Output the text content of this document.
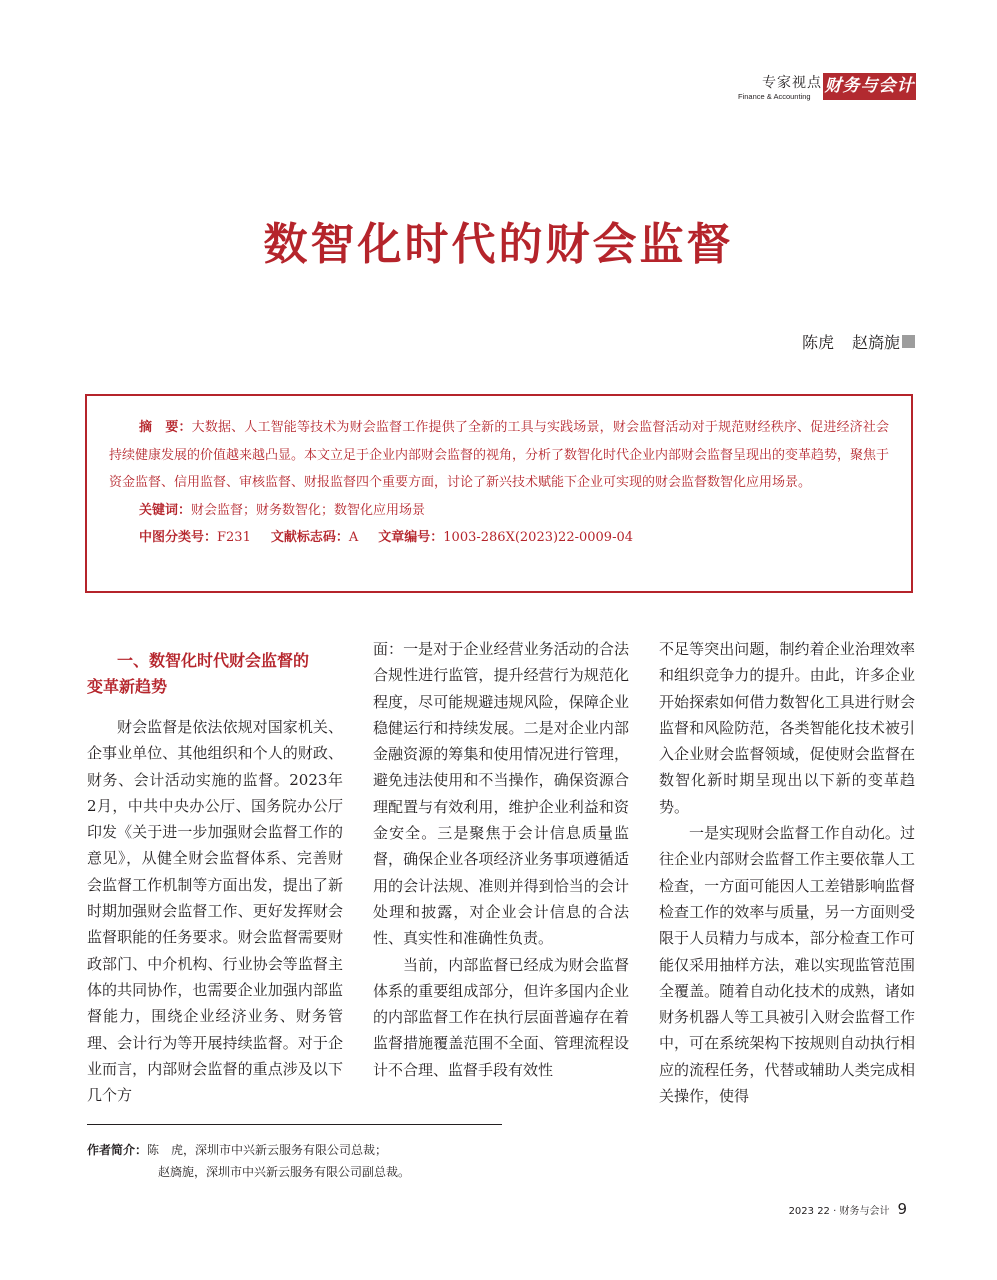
专家视点
Finance & Accounting
财务与会计
数智化时代的财会监督
陈虎 赵旖旎

摘　要：大数据、人工智能等技术为财会监督工作提供了全新的工具与实践场景，财会监督活动对于规范财经秩序、促进经济社会持续健康发展的价值越来越凸显。本文立足于企业内部财会监督的视角，分析了数智化时代企业内部财会监督呈现出的变革趋势，聚焦于资金监督、信用监督、审核监督、财报监督四个重要方面，讨论了新兴技术赋能下企业可实现的财会监督数智化应用场景。

关键词：财会监督；财务数智化；数智化应用场景

中图分类号：F231 文献标志码：A 文章编号：1003-286X(2023)22-0009-04

一、数智化时代财会监督的
变革新趋势

财会监督是依法依规对国家机关、企事业单位、其他组织和个人的财政、财务、会计活动实施的监督。2023年2月，中共中央办公厅、国务院办公厅印发《关于进一步加强财会监督工作的意见》，从健全财会监督体系、完善财会监督工作机制等方面出发，提出了新时期加强财会监督工作、更好发挥财会监督职能的任务要求。财会监督需要财政部门、中介机构、行业协会等监督主体的共同协作，也需要企业加强内部监督能力，围绕企业经济业务、财务管理、会计行为等开展持续监督。对于企业而言，内部财会监督的重点涉及以下几个方

面：一是对于企业经营业务活动的合法合规性进行监管，提升经营行为规范化程度，尽可能规避违规风险，保障企业稳健运行和持续发展。二是对企业内部金融资源的筹集和使用情况进行管理，避免违法使用和不当操作，确保资源合理配置与有效利用，维护企业利益和资金安全。三是聚焦于会计信息质量监督，确保企业各项经济业务事项遵循适用的会计法规、准则并得到恰当的会计处理和披露，对企业会计信息的合法性、真实性和准确性负责。

当前，内部监督已经成为财会监督体系的重要组成部分，但许多国内企业的内部监督工作在执行层面普遍存在着监督措施覆盖范围不全面、管理流程设计不合理、监督手段有效性

不足等突出问题，制约着企业治理效率和组织竞争力的提升。由此，许多企业开始探索如何借力数智化工具进行财会监督和风险防范，各类智能化技术被引入企业财会监督领域，促使财会监督在数智化新时期呈现出以下新的变革趋势。

一是实现财会监督工作自动化。过往企业内部财会监督工作主要依靠人工检查，一方面可能因人工差错影响监督检查工作的效率与质量，另一方面则受限于人员精力与成本，部分检查工作可能仅采用抽样方法，难以实现监管范围全覆盖。随着自动化技术的成熟，诸如财务机器人等工具被引入财会监督工作中，可在系统架构下按规则自动执行相应的流程任务，代替或辅助人类完成相关操作，使得

作者简介：陈　虎，深圳市中兴新云服务有限公司总裁；
赵旖旎，深圳市中兴新云服务有限公司副总裁。
2023 22 · 财务与会计 9
